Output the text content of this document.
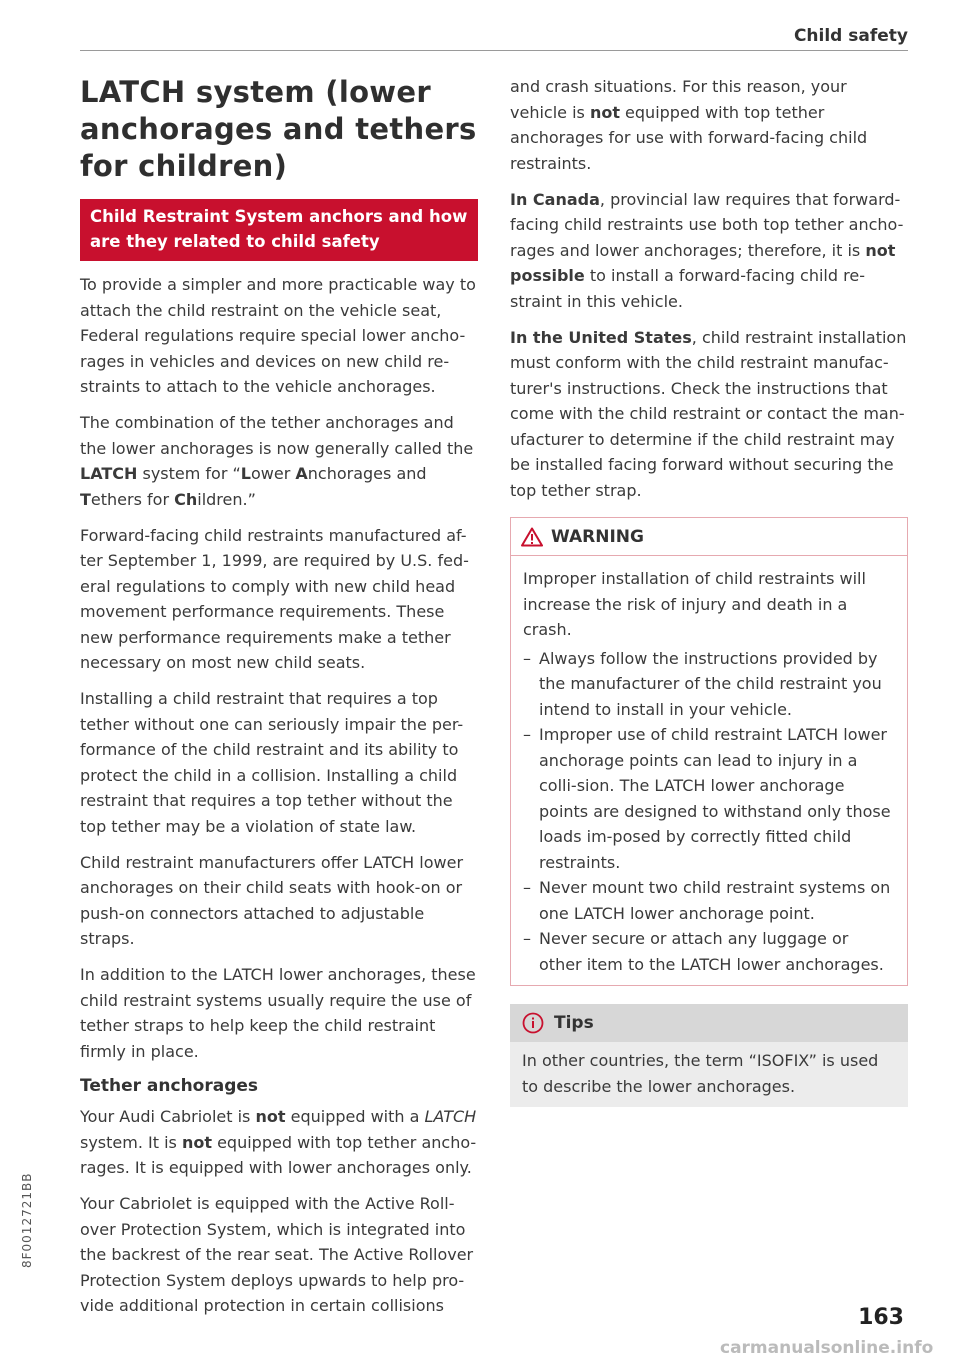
Child safety
LATCH system (lower anchorages and tethers for children)
Child Restraint System anchors and how are they related to child safety

To provide a simpler and more practicable way to attach the child restraint on the vehicle seat, Federal regulations require special lower ancho-rages in vehicles and devices on new child re-straints to attach to the vehicle anchorages.

The combination of the tether anchorages and the lower anchorages is now generally called the LATCH system for “Lower Anchorages and Tethers for Children.”

Forward-facing child restraints manufactured af-ter September 1, 1999, are required by U.S. fed-eral regulations to comply with new child head movement performance requirements. These new performance requirements make a tether necessary on most new child seats.

Installing a child restraint that requires a top tether without one can seriously impair the per-formance of the child restraint and its ability to protect the child in a collision. Installing a child restraint that requires a top tether without the top tether may be a violation of state law.

Child restraint manufacturers offer LATCH lower anchorages on their child seats with hook-on or push-on connectors attached to adjustable straps.

In addition to the LATCH lower anchorages, these child restraint systems usually require the use of tether straps to help keep the child restraint firmly in place.

Tether anchorages

Your Audi Cabriolet is not equipped with a LATCH system. It is not equipped with top tether ancho-rages. It is equipped with lower anchorages only.

Your Cabriolet is equipped with the Active Roll-over Protection System, which is integrated into the backrest of the rear seat. The Active Rollover Protection System deploys upwards to help pro-vide additional protection in certain collisions

and crash situations. For this reason, your vehicle is not equipped with top tether anchorages for use with forward-facing child restraints.

In Canada, provincial law requires that forward-facing child restraints use both top tether ancho-rages and lower anchorages; therefore, it is not possible to install a forward-facing child re-straint in this vehicle.

In the United States, child restraint installation must conform with the child restraint manufac-turer's instructions. Check the instructions that come with the child restraint or contact the man-ufacturer to determine if the child restraint may be installed facing forward without securing the top tether strap.

WARNING

Improper installation of child restraints will increase the risk of injury and death in a crash.

– Always follow the instructions provided by the manufacturer of the child restraint you intend to install in your vehicle.
– Improper use of child restraint LATCH lower anchorage points can lead to injury in a colli-sion. The LATCH lower anchorage points are designed to withstand only those loads im-posed by correctly fitted child restraints.
– Never mount two child restraint systems on one LATCH lower anchorage point.
– Never secure or attach any luggage or other item to the LATCH lower anchorages.
Tips

In other countries, the term “ISOFIX” is used to describe the lower anchorages.

8F0012721BB
163
carmanualsonline.info
